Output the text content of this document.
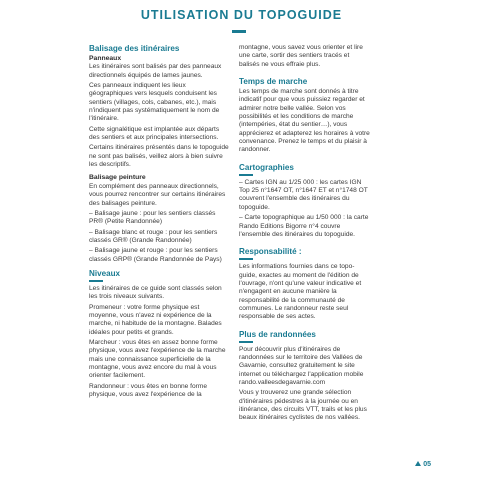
UTILISATION DU TOPOGUIDE
Balisage des itinéraires
Panneaux
Les itinéraires sont balisés par des panneaux directionnels équipés de lames jaunes.
Ces panneaux indiquent les lieux géographiques vers lesquels conduisent les sentiers (villages, cols, cabanes, etc.), mais n'indiquent pas systématiquement le nom de l'itinéraire.
Cette signalétique est implantée aux départs des sentiers et aux principales intersections.
Certains itinéraires présentés dans le topoguide ne sont pas balisés, veillez alors à bien suivre les descriptifs.
Balisage peinture
En complément des panneaux directionnels, vous pourrez rencontrer sur certains itinéraires des balisages peinture.
– Balisage jaune : pour les sentiers classés PR® (Petite Randonnée)
– Balisage blanc et rouge : pour les sentiers classés GR® (Grande Randonnée)
– Balisage jaune et rouge : pour les sentiers classés GRP® (Grande Randonnée de Pays)
Niveaux
Les itinéraires de ce guide sont classés selon les trois niveaux suivants.
Promeneur : votre forme physique est moyenne, vous n'avez ni expérience de la marche, ni habitude de la montagne. Balades idéales pour petits et grands.
Marcheur : vous êtes en assez bonne forme physique, vous avez l'expérience de la marche mais une connaissance superficielle de la montagne, vous avez encore du mal à vous orienter facilement.
Randonneur : vous êtes en bonne forme physique, vous avez l'expérience de la
montagne, vous savez vous orienter et lire une carte, sortir des sentiers tracés et balisés ne vous effraie plus.
Temps de marche
Les temps de marche sont donnés à titre indicatif pour que vous puissiez regarder et admirer notre belle vallée. Selon vos possibilités et les conditions de marche (intempéries, état du sentier…), vous apprécierez et adapterez les horaires à votre convenance. Prenez le temps et du plaisir à randonner.
Cartographies
– Cartes IGN au 1/25 000 : les cartes IGN Top 25 n°1647 OT, n°1647 ET et n°1748 OT couvrent l'ensemble des itinéraires du topoguide.
– Carte topographique au 1/50 000 : la carte Rando Editions Bigorre n°4 couvre l'ensemble des itinéraires du topoguide.
Responsabilité :
Les informations fournies dans ce topo-guide, exactes au moment de l'édition de l'ouvrage, n'ont qu'une valeur indicative et n'engagent en aucune manière la responsabilité de la communauté de communes. Le randonneur reste seul responsable de ses actes.
Plus de randonnées
Pour découvrir plus d'itinéraires de randonnées sur le territoire des Vallées de Gavarnie, consultez gratuitement le site internet ou téléchargez l'application mobile rando.valleesdegavarnie.com
Vous y trouverez une grande sélection d'itinéraires pédestres à la journée ou en itinérance, des circuits VTT, trails et les plus beaux itinéraires cyclistes de nos vallées.
05
